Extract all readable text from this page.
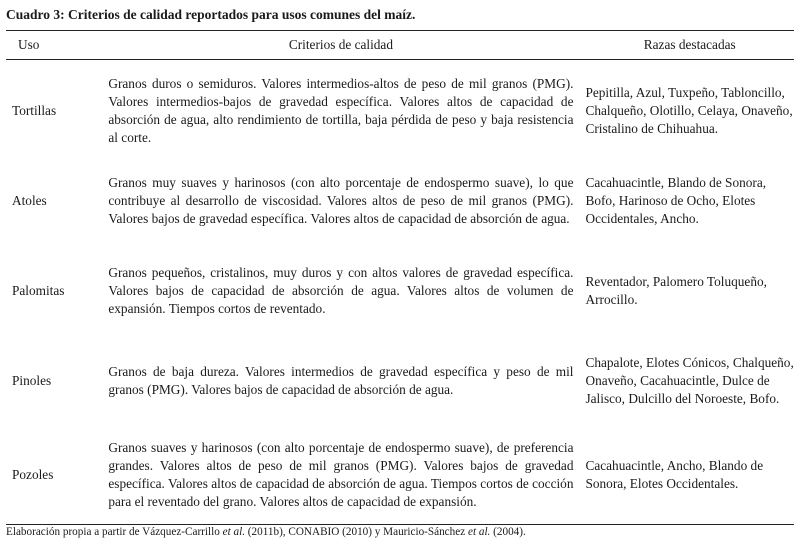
Cuadro 3: Criterios de calidad reportados para usos comunes del maíz.
Uso	Criterios de calidad	Razas destacadas
Tortillas	Granos duros o semiduros. Valores intermedios-altos de peso de mil granos (PMG). Valores intermedios-bajos de gravedad específica. Valores altos de capacidad de absorción de agua, alto rendimiento de tortilla, baja pérdida de peso y baja resistencia al corte.	Pepitilla, Azul, Tuxpeño, Tabloncillo, Chalqueño, Olotillo, Celaya, Onaveño, Cristalino de Chihuahua.
Atoles	Granos muy suaves y harinosos (con alto porcentaje de endospermo suave), lo que contribuye al desarrollo de viscosidad. Valores altos de peso de mil granos (PMG). Valores bajos de gravedad específica. Valores altos de capacidad de absorción de agua.	Cacahuacintle, Blando de Sonora, Bofo, Harinoso de Ocho, Elotes Occidentales, Ancho.
Palomitas	Granos pequeños, cristalinos, muy duros y con altos valores de gravedad específica. Valores bajos de capacidad de absorción de agua. Valores altos de volumen de expansión. Tiempos cortos de reventado.	Reventador, Palomero Toluqueño, Arrocillo.
Pinoles	Granos de baja dureza. Valores intermedios de gravedad específica y peso de mil granos (PMG). Valores bajos de capacidad de absorción de agua.	Chapalote, Elotes Cónicos, Chalqueño, Onaveño, Cacahuacintle, Dulce de Jalisco, Dulcillo del Noroeste, Bofo.
Pozoles	Granos suaves y harinosos (con alto porcentaje de endospermo suave), de preferencia grandes. Valores altos de peso de mil granos (PMG). Valores bajos de gravedad específica. Valores altos de capacidad de absorción de agua. Tiempos cortos de cocción para el reventado del grano. Valores altos de capacidad de expansión.	Cacahuacintle, Ancho, Blando de Sonora, Elotes Occidentales.
Elaboración propia a partir de Vázquez-Carrillo et al. (2011b), CONABIO (2010) y Mauricio-Sánchez et al. (2004).
